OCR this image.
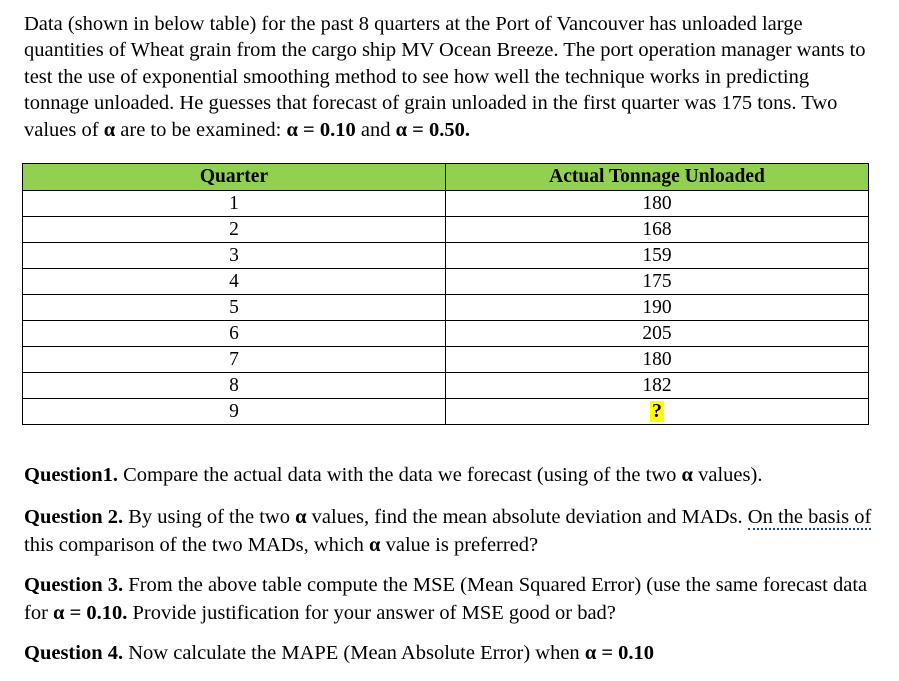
Data (shown in below table) for the past 8 quarters at the Port of Vancouver has unloaded large quantities of Wheat grain from the cargo ship MV Ocean Breeze. The port operation manager wants to test the use of exponential smoothing method to see how well the technique works in predicting tonnage unloaded. He guesses that forecast of grain unloaded in the first quarter was 175 tons. Two values of α are to be examined: α = 0.10 and α = 0.50.

Quarter	Actual Tonnage Unloaded
1	180
2	168
3	159
4	175
5	190
6	205
7	180
8	182
9	?

Question1. Compare the actual data with the data we forecast (using of the two α values).

Question 2. By using of the two α values, find the mean absolute deviation and MADs. On the basis of this comparison of the two MADs, which α value is preferred?

Question 3. From the above table compute the MSE (Mean Squared Error) (use the same forecast data for α = 0.10. Provide justification for your answer of MSE good or bad?

Question 4. Now calculate the MAPE (Mean Absolute Error) when α = 0.10
